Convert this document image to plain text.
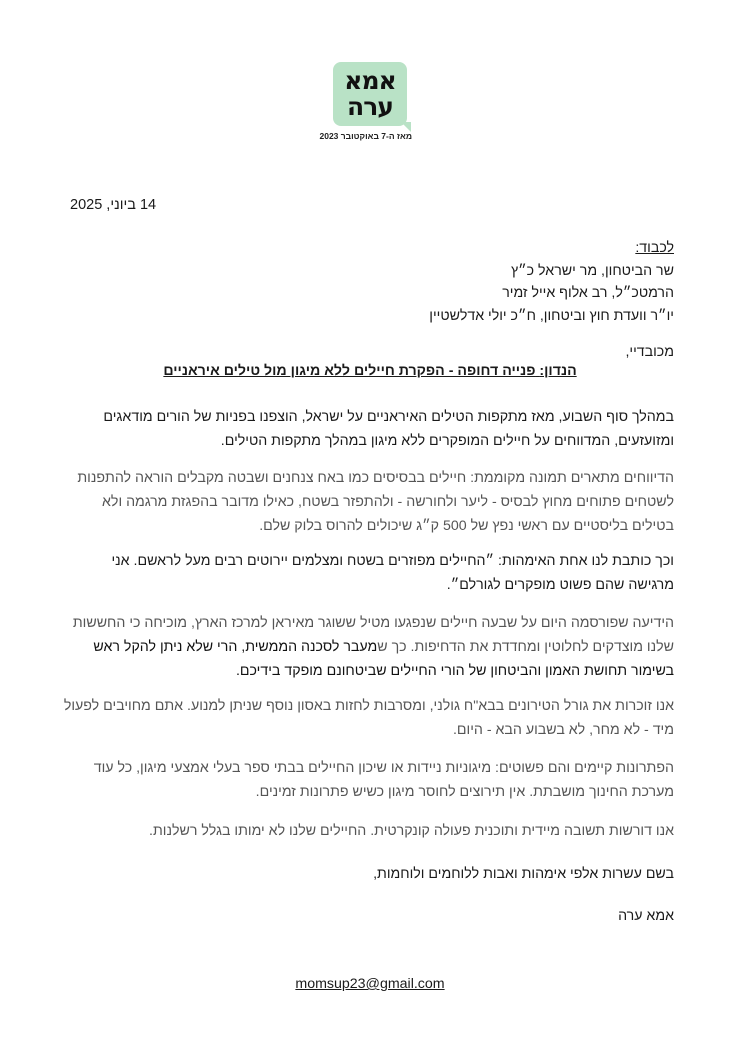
אמא
ערה
מאז ה-7 באוקטובר 2023
14 ביוני, 2025
לכבוד:
שר הביטחון, מר ישראל כ״ץ
הרמטכ״ל, רב אלוף אייל זמיר
יו״ר וועדת חוץ וביטחון, ח״כ יולי אדלשטיין
מכובדיי,
הנדון: פנייה דחופה - הפקרת חיילים ללא מיגון מול טילים איראניים
במהלך סוף השבוע, מאז מתקפות הטילים האיראניים על ישראל, הוצפנו בפניות של הורים מודאגים ומזועזעים, המדווחים על חיילים המופקרים ללא מיגון במהלך מתקפות הטילים.
הדיווחים מתארים תמונה מקוממת: חיילים בבסיסים כמו באח צנחנים ושבטה מקבלים הוראה להתפנות לשטחים פתוחים מחוץ לבסיס - ליער ולחורשה - ולהתפזר בשטח, כאילו מדובר בהפגזת מרגמה ולא בטילים בליסטיים עם ראשי נפץ של 500 ק״ג שיכולים להרוס בלוק שלם.
וכך כותבת לנו אחת האימהות: ״החיילים מפוזרים בשטח ומצלמים יירוטים רבים מעל לראשם. אני מרגישה שהם פשוט מופקרים לגורלם״.
הידיעה שפורסמה היום על שבעה חיילים שנפגעו מטיל ששוגר מאיראן למרכז הארץ, מוכיחה כי החששות שלנו מוצדקים לחלוטין ומחדדת את הדחיפות. כך שמעבר לסכנה הממשית, הרי שלא ניתן להקל ראש בשימור תחושת האמון והביטחון של הורי החיילים שביטחונם מופקד בידיכם.
אנו זוכרות את גורל הטירונים בבא"ח גולני, ומסרבות לחזות באסון נוסף שניתן למנוע. אתם מחויבים לפעול מיד - לא מחר, לא בשבוע הבא - היום.
הפתרונות קיימים והם פשוטים: מיגוניות ניידות או שיכון החיילים בבתי ספר בעלי אמצעי מיגון, כל עוד מערכת החינוך מושבתת. אין תירוצים לחוסר מיגון כשיש פתרונות זמינים.
אנו דורשות תשובה מיידית ותוכנית פעולה קונקרטית. החיילים שלנו לא ימותו בגלל רשלנות.
בשם עשרות אלפי אימהות ואבות ללוחמים ולוחמות,
אמא ערה
momsup23@gmail.com
